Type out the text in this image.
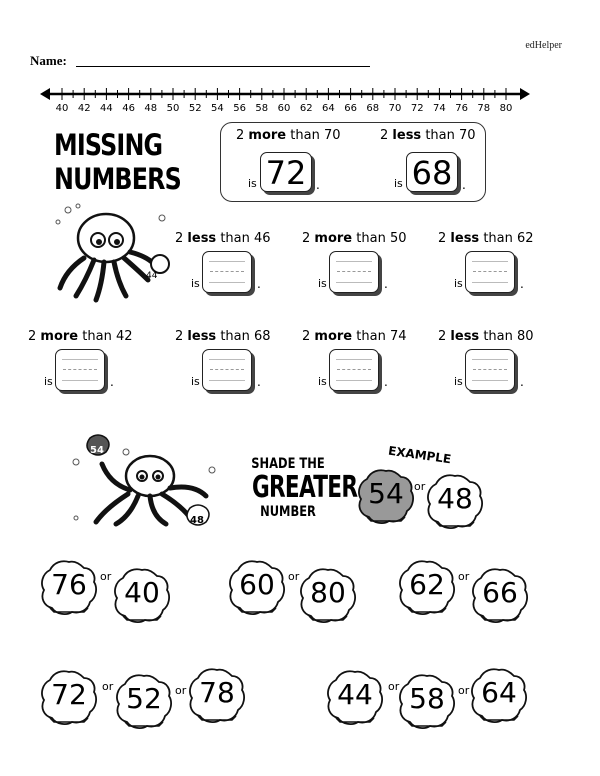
edHelper
Name:
40 42 44 46 48 50 52 54 56 58 60 62 64 66 68 70 72 74 76 78 80
MISSING
NUMBERS
2 more than 70
is 72 .
2 less than 70
is 68 .
44
2 less than 46
is	.
2 more than 50
is	.
2 less than 62
is	.
2 more than 42
is	.
2 less than 68
is	.
2 more than 74
is	.
2 less than 80
is	.
54
48
SHADE THE
GREATER
NUMBER
EXAMPLE
54 or 48
76	or 40	60	or 80	62	or 66
72	or 52	or 78	44	or 58	or 64
